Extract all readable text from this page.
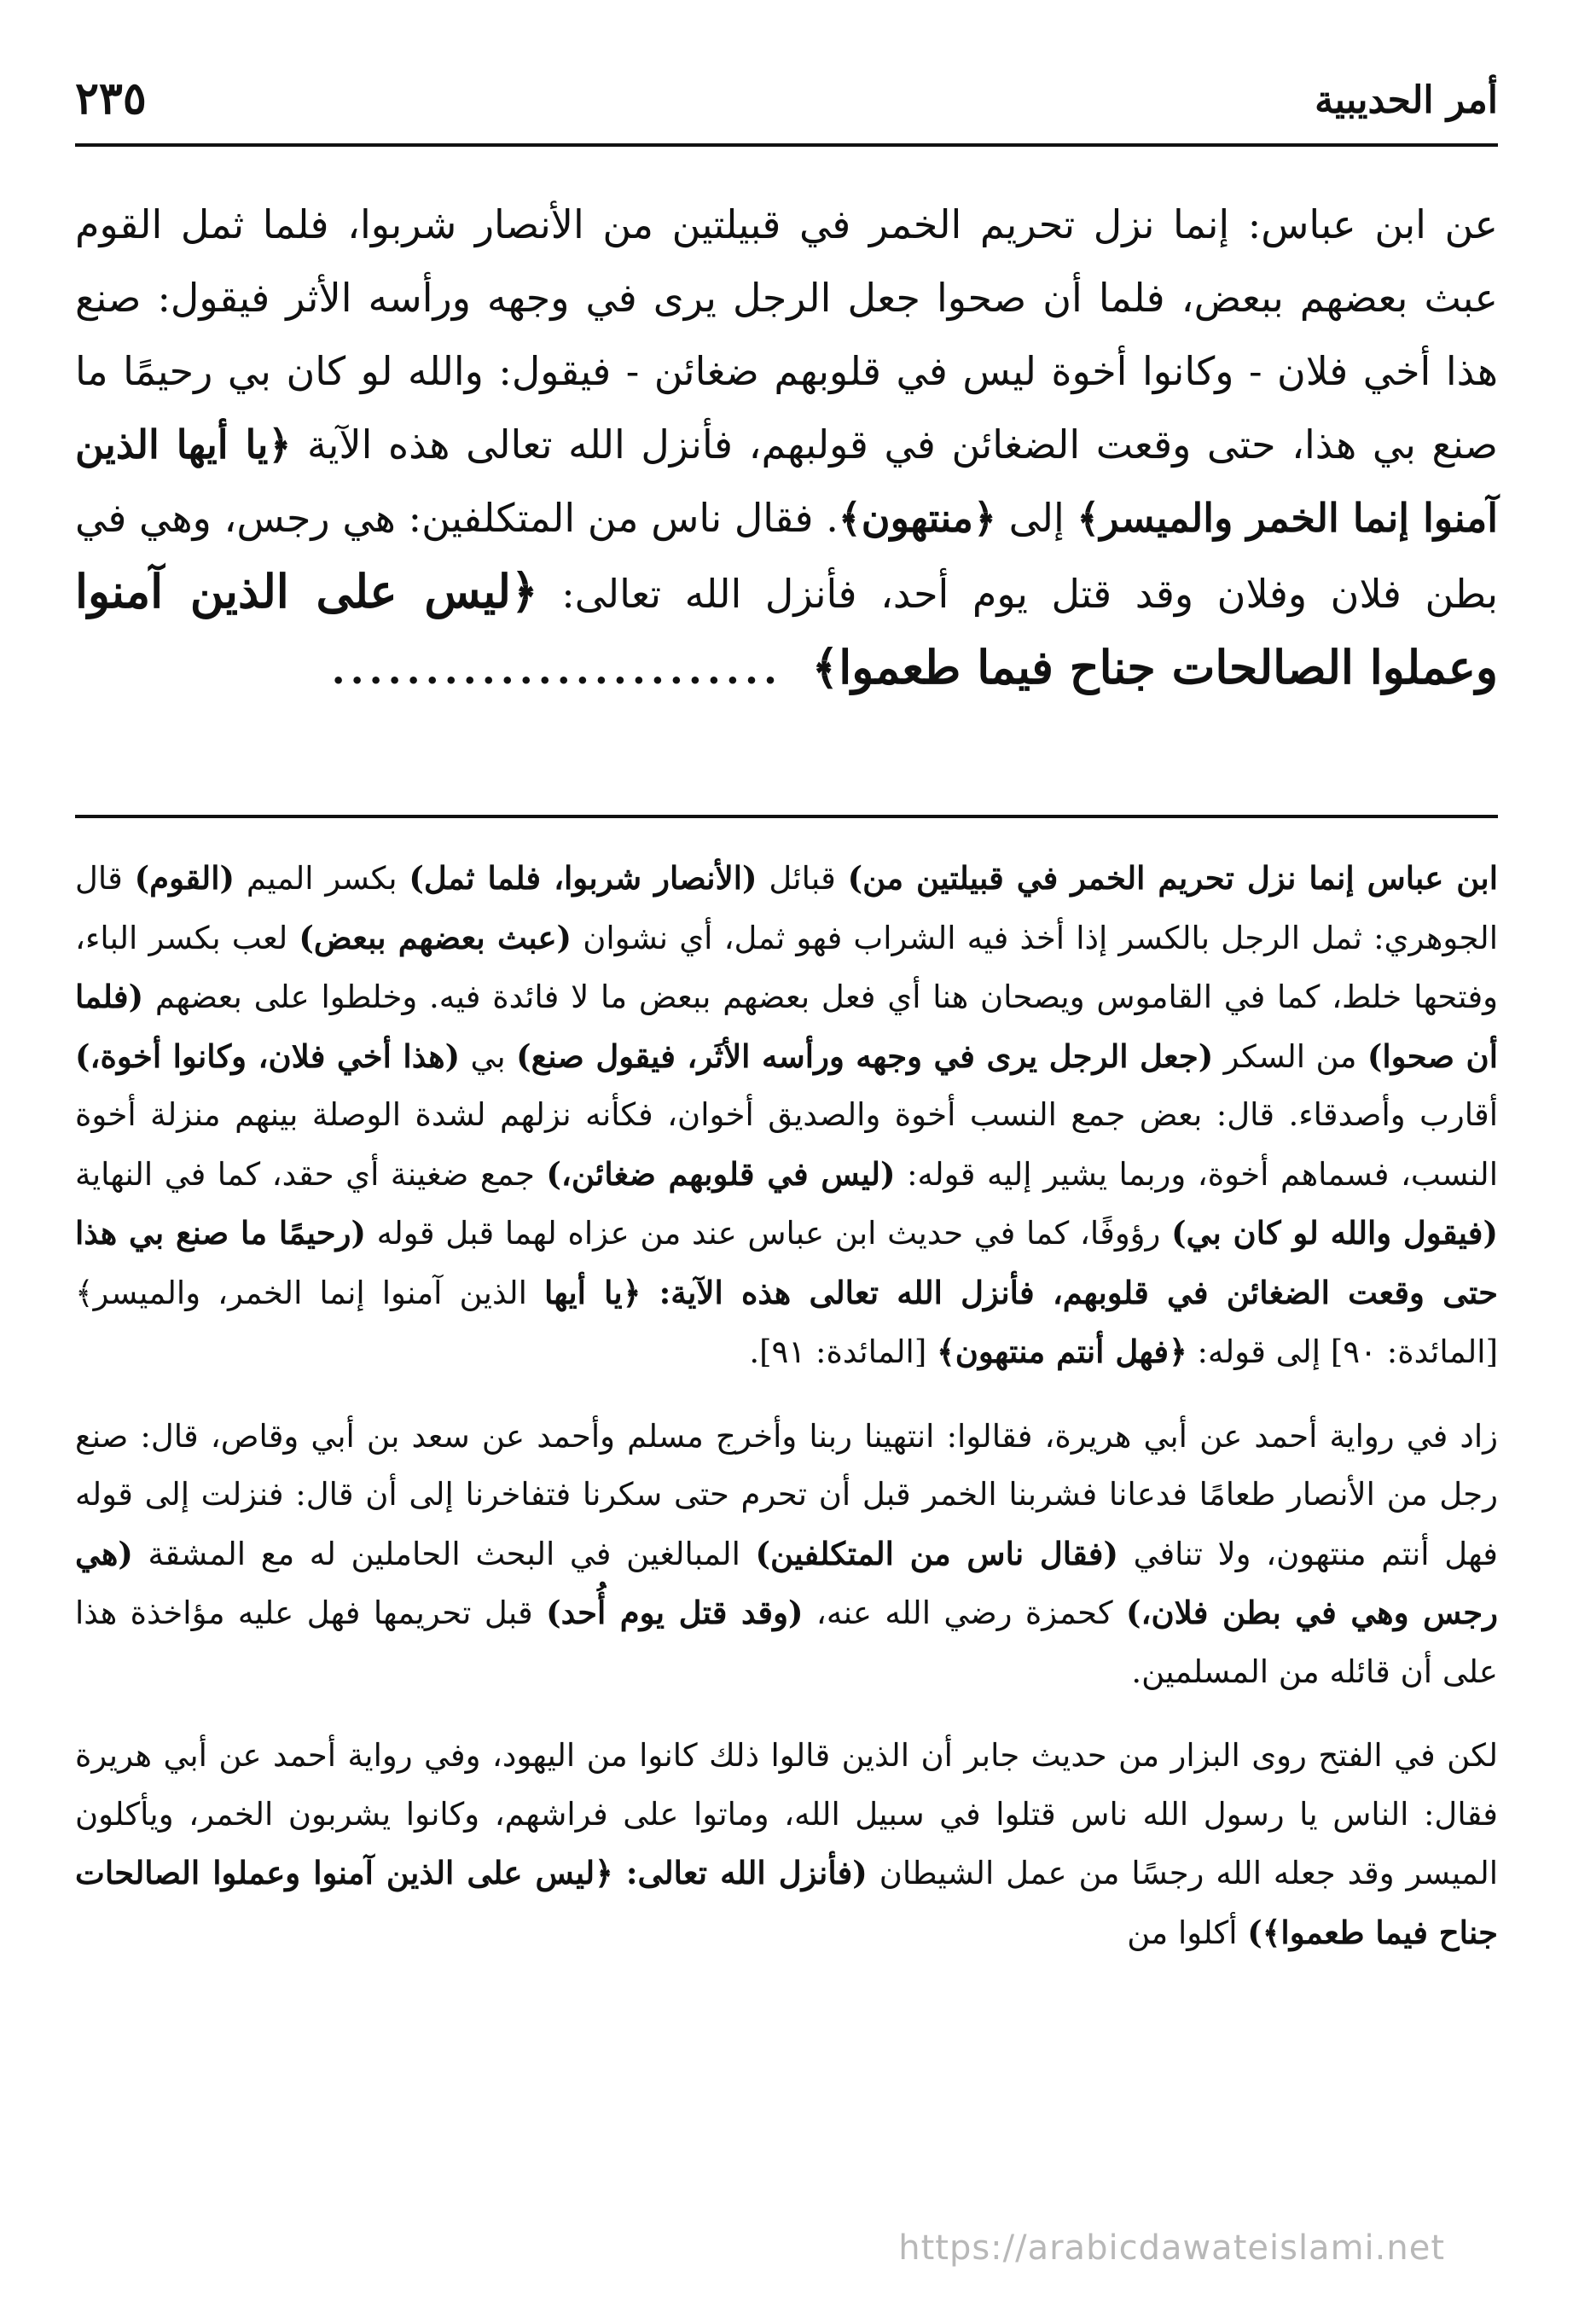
أمر الحديبية
٢٣٥

عن ابن عباس: إنما نزل تحريم الخمر في قبيلتين من الأنصار شربوا، فلما ثمل القوم عبث بعضهم ببعض، فلما أن صحوا جعل الرجل يرى في وجهه ورأسه الأثر فيقول: صنع هذا أخي فلان - وكانوا أخوة ليس في قلوبهم ضغائن - فيقول: والله لو كان بي رحيمًا ما صنع بي هذا، حتى وقعت الضغائن في قولبهم، فأنزل الله تعالى هذه الآية ﴿يا أيها الذين آمنوا إنما الخمر والميسر﴾ إلى ﴿منتهون﴾. فقال ناس من المتكلفين: هي رجس، وهي في بطن فلان وفلان وقد قتل يوم أحد، فأنزل الله تعالى: ﴿ليس على الذين آمنوا وعملوا الصالحات جناح فيما طعموا﴾ ........................

ابن عباس إنما نزل تحريم الخمر في قبيلتين من) قبائل (الأنصار شربوا، فلما ثمل) بكسر الميم (القوم) قال الجوهري: ثمل الرجل بالكسر إذا أخذ فيه الشراب فهو ثمل، أي نشوان (عبث بعضهم ببعض) لعب بكسر الباء، وفتحها خلط، كما في القاموس ويصحان هنا أي فعل بعضهم ببعض ما لا فائدة فيه. وخلطوا على بعضهم (فلما أن صحوا) من السكر (جعل الرجل يرى في وجهه ورأسه الأثَر، فيقول صنع) بي (هذا أخي فلان، وكانوا أخوة،) أقارب وأصدقاء. قال: بعض جمع النسب أخوة والصديق أخوان، فكأنه نزلهم لشدة الوصلة بينهم منزلة أخوة النسب، فسماهم أخوة، وربما يشير إليه قوله: (ليس في قلوبهم ضغائن،) جمع ضغينة أي حقد، كما في النهاية (فيقول والله لو كان بي) رؤوفًا، كما في حديث ابن عباس عند من عزاه لهما قبل قوله (رحيمًا ما صنع بي هذا حتى وقعت الضغائن في قلوبهم، فأنزل الله تعالى هذه الآية: ﴿يا أيها الذين آمنوا إنما الخمر، والميسر﴾ [المائدة: ٩٠] إلى قوله: ﴿فهل أنتم منتهون﴾ [المائدة: ٩١].

زاد في رواية أحمد عن أبي هريرة، فقالوا: انتهينا ربنا وأخرج مسلم وأحمد عن سعد بن أبي وقاص، قال: صنع رجل من الأنصار طعامًا فدعانا فشربنا الخمر قبل أن تحرم حتى سكرنا فتفاخرنا إلى أن قال: فنزلت إلى قوله فهل أنتم منتهون، ولا تنافي (فقال ناس من المتكلفين) المبالغين في البحث الحاملين له مع المشقة (هي رجس وهي في بطن فلان،) كحمزة رضي الله عنه، (وقد قتل يوم أُحد) قبل تحريمها فهل عليه مؤاخذة هذا على أن قائله من المسلمين.

لكن في الفتح روى البزار من حديث جابر أن الذين قالوا ذلك كانوا من اليهود، وفي رواية أحمد عن أبي هريرة فقال: الناس يا رسول الله ناس قتلوا في سبيل الله، وماتوا على فراشهم، وكانوا يشربون الخمر، ويأكلون الميسر وقد جعله الله رجسًا من عمل الشيطان (فأنزل الله تعالى: ﴿ليس على الذين آمنوا وعملوا الصالحات جناح فيما طعموا﴾) أكلوا من

https://arabicdawateislami.net
